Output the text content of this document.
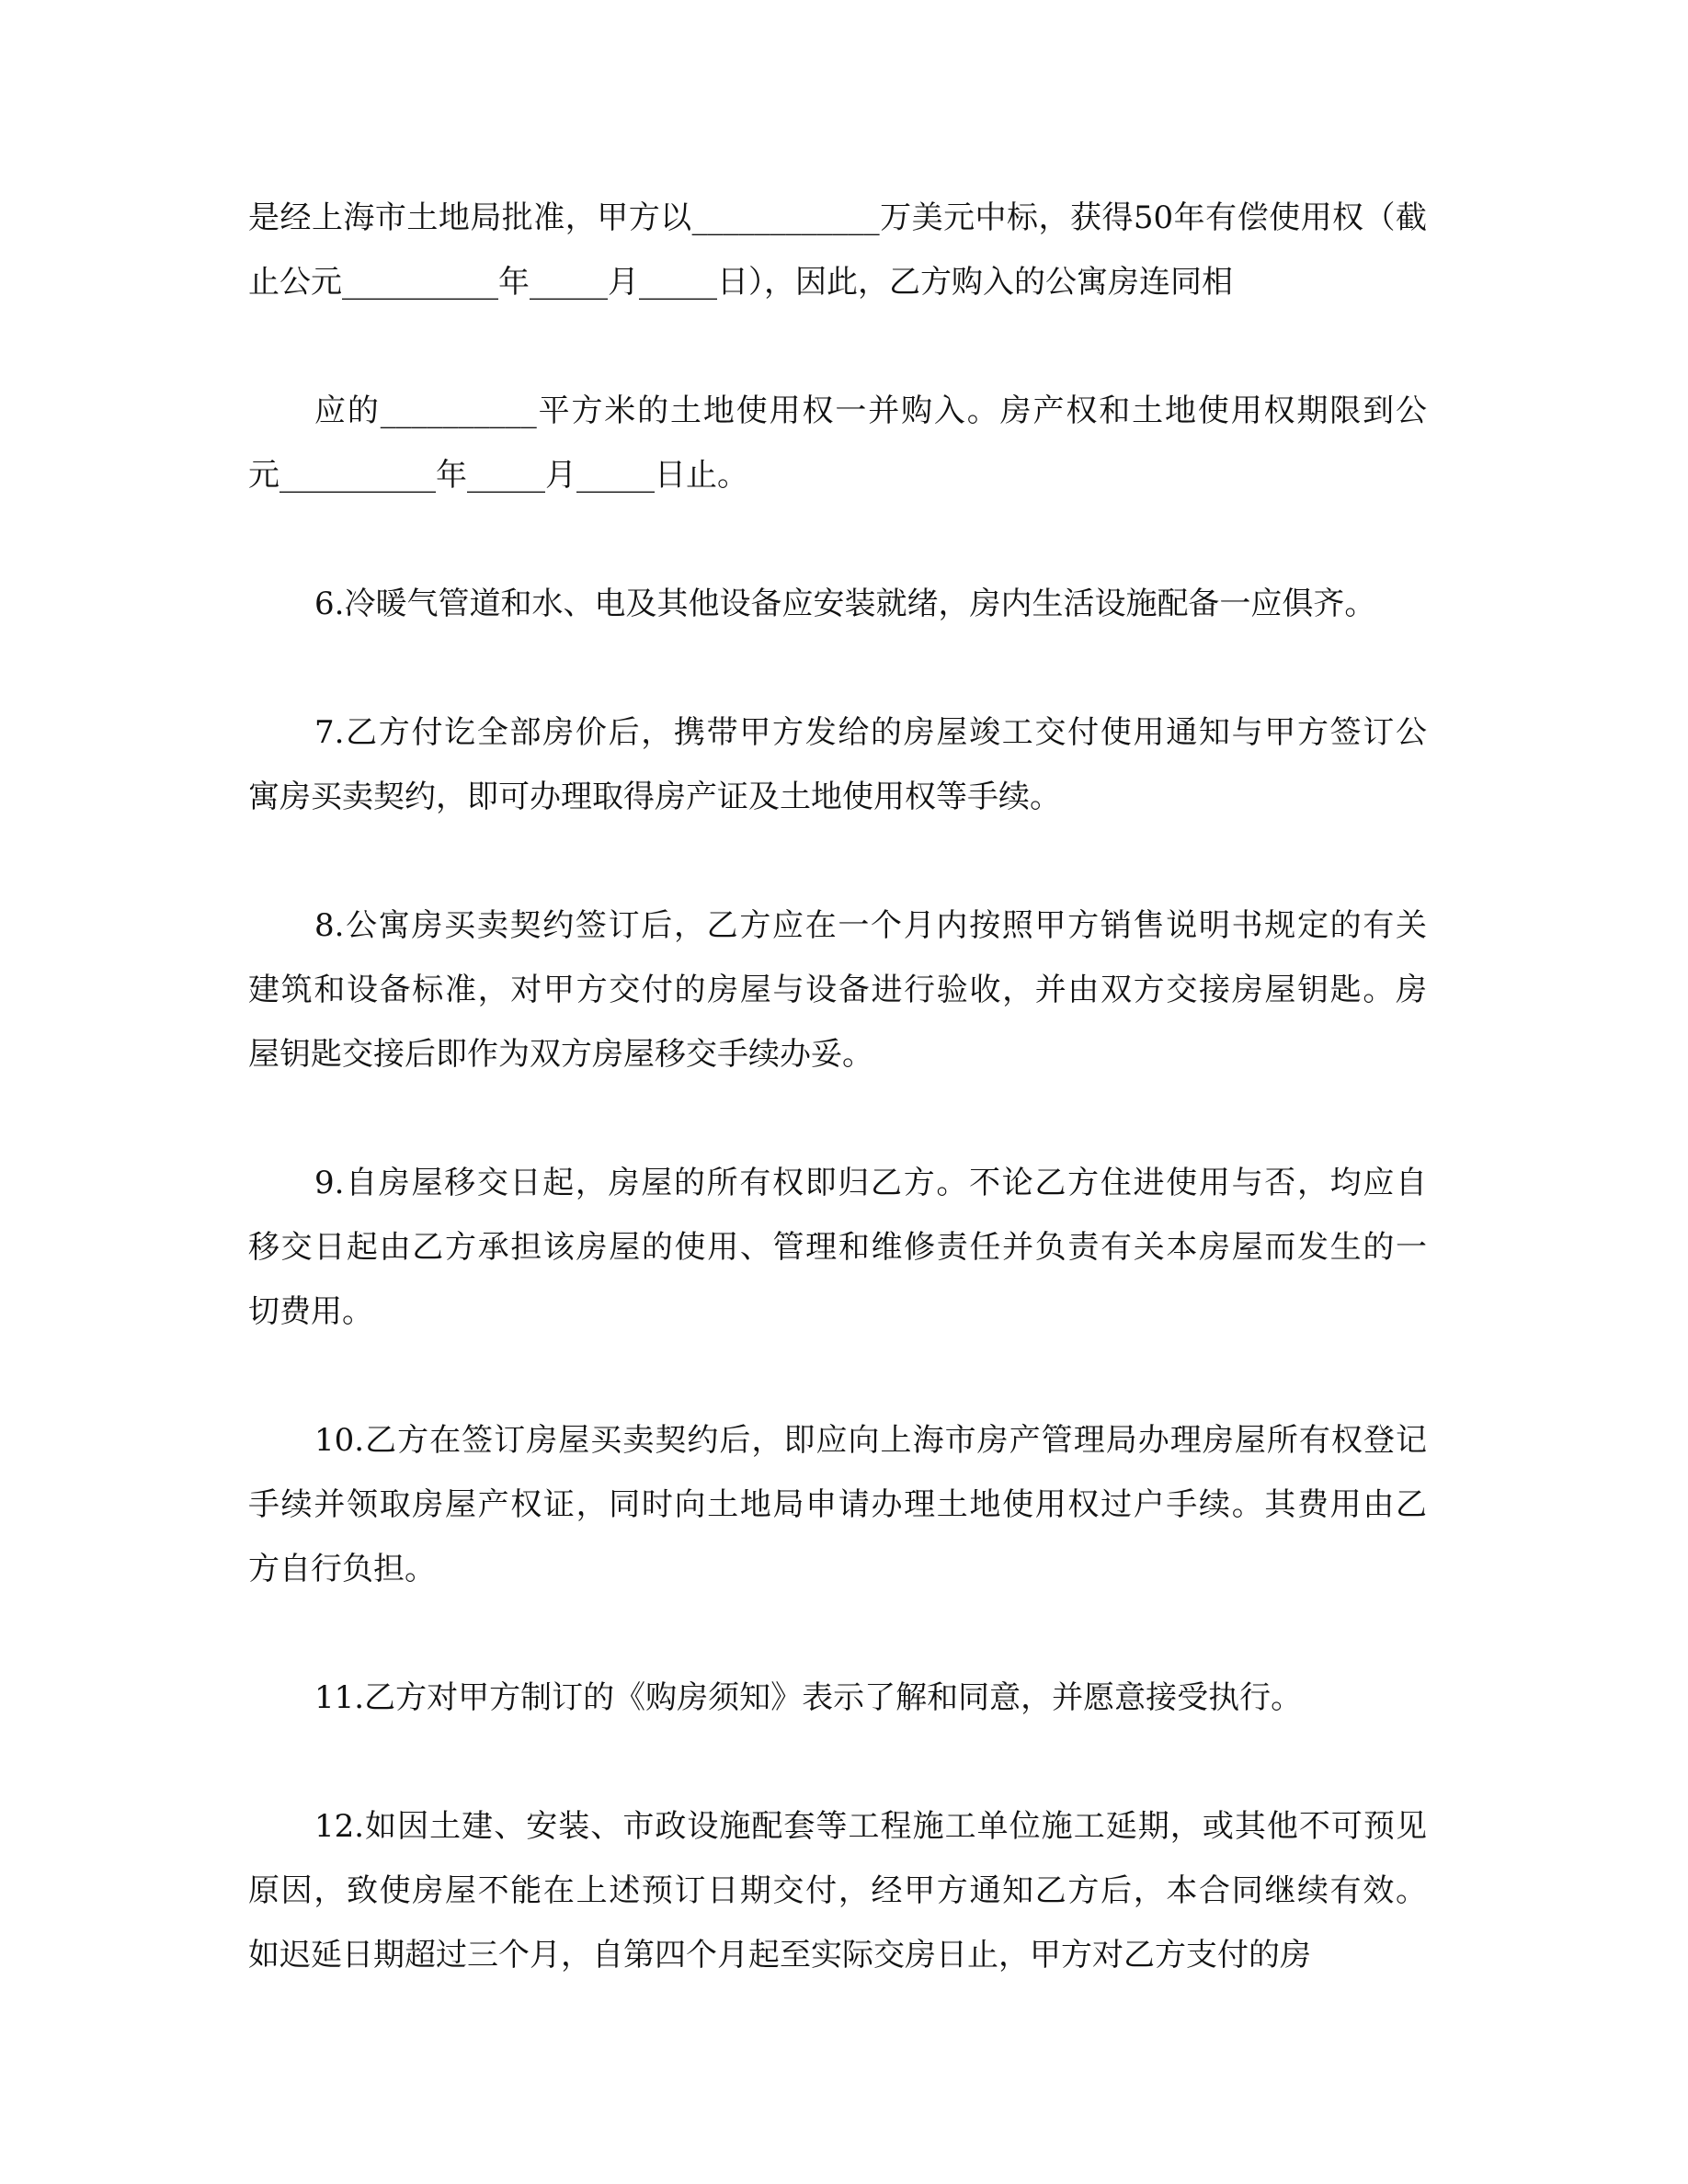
是经上海市土地局批准，甲方以____________万美元中标，获得50年有偿使用权（截
止公元__________年_____月_____日），因此，乙方购入的公寓房连同相
应的__________平方米的土地使用权一并购入。房产权和土地使用权期限到公
元__________年_____月_____日止。
6.冷暖气管道和水、电及其他设备应安装就绪，房内生活设施配备一应俱齐。
7.乙方付讫全部房价后，携带甲方发给的房屋竣工交付使用通知与甲方签订公
寓房买卖契约，即可办理取得房产证及土地使用权等手续。
8.公寓房买卖契约签订后，乙方应在一个月内按照甲方销售说明书规定的有关
建筑和设备标准，对甲方交付的房屋与设备进行验收，并由双方交接房屋钥匙。房
屋钥匙交接后即作为双方房屋移交手续办妥。
9.自房屋移交日起，房屋的所有权即归乙方。不论乙方住进使用与否，均应自
移交日起由乙方承担该房屋的使用、管理和维修责任并负责有关本房屋而发生的一
切费用。
10.乙方在签订房屋买卖契约后，即应向上海市房产管理局办理房屋所有权登记
手续并领取房屋产权证，同时向土地局申请办理土地使用权过户手续。其费用由乙
方自行负担。
11.乙方对甲方制订的《购房须知》表示了解和同意，并愿意接受执行。
12.如因土建、安装、市政设施配套等工程施工单位施工延期，或其他不可预见
原因，致使房屋不能在上述预订日期交付，经甲方通知乙方后，本合同继续有效。
如迟延日期超过三个月，自第四个月起至实际交房日止，甲方对乙方支付的房
